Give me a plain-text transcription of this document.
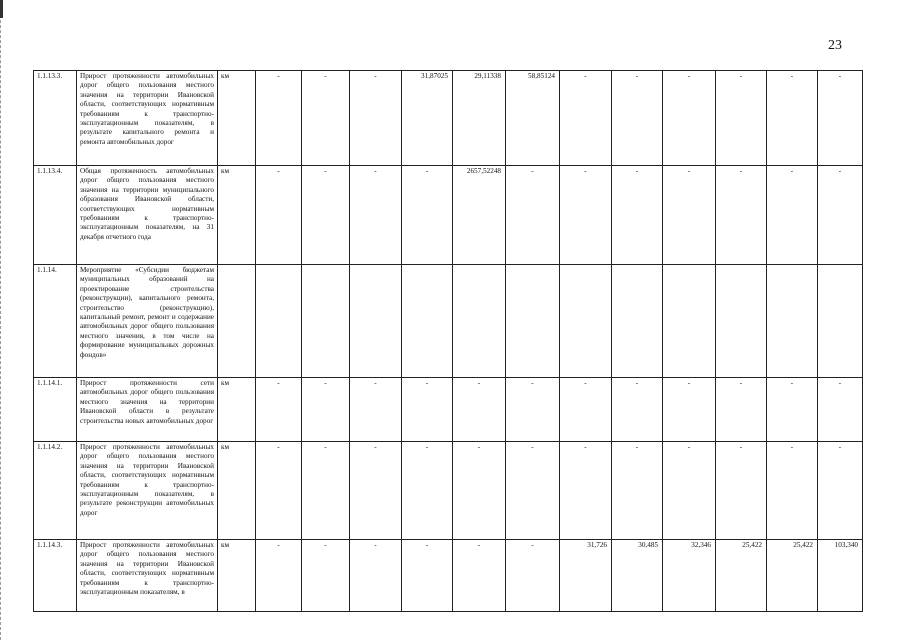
23
1.1.13.3.	Прирост протяженности автомобильных дорог общего пользования местного значения на территории Ивановской области, соответствующих нормативным требованиям к транспортно-эксплуатационным показателям, в результате капитального ремонта и ремонта автомобильных дорог	км	-	-	-	31,87025	29,11338	58,85124	-	-	-	-	-	-
1.1.13.4.	Общая протяженность автомобильных дорог общего пользования местного значения на территории муниципального образования Ивановской области, соответствующих нормативным требованиям к транспортно-эксплуатационным показателям, на 31 декабря отчетного года	км	-	-	-	-	2657,52248	-	-	-	-	-	-	-
1.1.14.	Мероприятие «Субсидии бюджетам муниципальных образований на проектирование строительства (реконструкции), капитального ремонта, строительство (реконструкцию), капитальный ремонт, ремонт и содержание автомобильных дорог общего пользования местного значения, в том числе на формирование муниципальных дорожных фондов»													
1.1.14.1.	Прирост протяженности сети автомобильных дорог общего пользования местного значения на территории Ивановской области в результате строительства новых автомобильных дорог	км	-	-	-	-	-	-	-	-	-	-	-	-
1.1.14.2.	Прирост протяженности автомобильных дорог общего пользования местного значения на территории Ивановской области, соответствующих нормативным требованиям к транспортно-эксплуатационным показателям, в результате реконструкции автомобильных дорог	км	-	-	-	-	-	-	-	-	-	-	-	-
1.1.14.3.	Прирост протяженности автомобильных дорог общего пользования местного значения на территории Ивановской области, соответствующих нормативным требованиям к транспортно-эксплуатационным показателям, в	км	-	-	-	-	-	-	31,726	30,485	32,346	25,422	25,422	103,340
